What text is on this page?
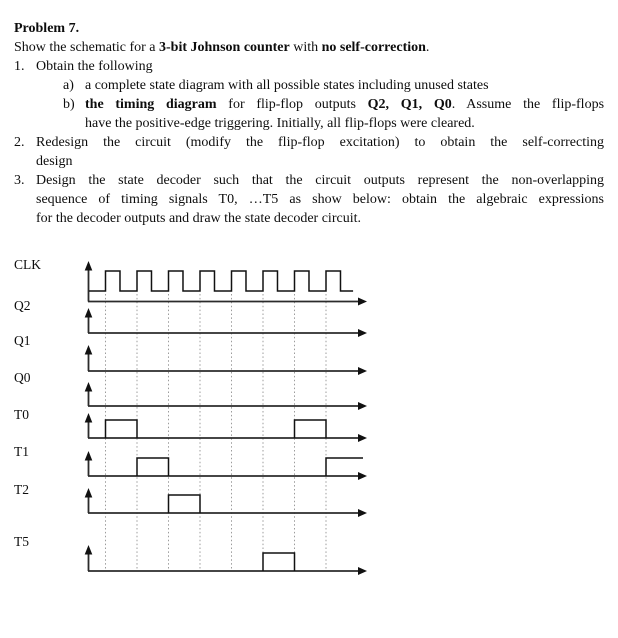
Problem 7.
Show the schematic for a 3-bit Johnson counter with no self-correction.
1. Obtain the following
a) a complete state diagram with all possible states including unused states
b) the timing diagram for flip-flop outputs Q2, Q1, Q0. Assume the flip-flops
have the positive-edge triggering. Initially, all flip-flops were cleared.
2. Redesign the circuit (modify the flip-flop excitation) to obtain the self-correcting
design
3. Design the state decoder such that the circuit outputs represent the non-overlapping
sequence of timing signals T0, …T5 as show below: obtain the algebraic expressions
for the decoder outputs and draw the state decoder circuit.
CLK
Q2
Q1
Q0
T0
T1
T2
T5
